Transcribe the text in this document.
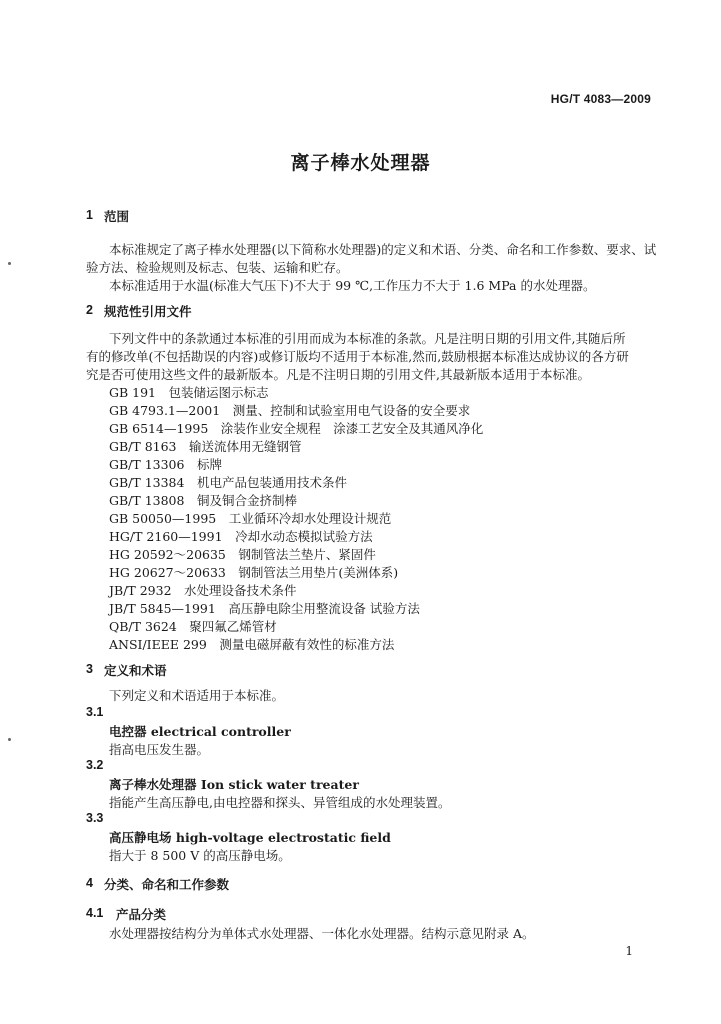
HG/T 4083—2009
离子棒水处理器
1 范围
本标准规定了离子棒水处理器(以下简称水处理器)的定义和术语、分类、命名和工作参数、要求、试
验方法、检验规则及标志、包装、运输和贮存。
本标准适用于水温(标准大气压下)不大于 99 ℃,工作压力不大于 1.6 MPa 的水处理器。
2 规范性引用文件
下列文件中的条款通过本标准的引用而成为本标准的条款。凡是注明日期的引用文件,其随后所
有的修改单(不包括勘误的内容)或修订版均不适用于本标准,然而,鼓励根据本标准达成协议的各方研
究是否可使用这些文件的最新版本。凡是不注明日期的引用文件,其最新版本适用于本标准。
GB 191　 包装储运图示标志
GB 4793.1—2001　 测量、控制和试验室用电气设备的安全要求
GB 6514—1995　 涂装作业安全规程　涂漆工艺安全及其通风净化
GB/T 8163　 输送流体用无缝钢管
GB/T 13306　 标牌
GB/T 13384　 机电产品包装通用技术条件
GB/T 13808　 铜及铜合金挤制棒
GB 50050—1995　 工业循环冷却水处理设计规范
HG/T 2160—1991　 冷却水动态模拟试验方法
HG 20592～20635　 钢制管法兰垫片、紧固件
HG 20627～20633　 钢制管法兰用垫片(美洲体系)
JB/T 2932　 水处理设备技术条件
JB/T 5845—1991　 高压静电除尘用整流设备 试验方法
QB/T 3624　 聚四氟乙烯管材
ANSI/IEEE 299　 测量电磁屏蔽有效性的标准方法
3 定义和术语
下列定义和术语适用于本标准。
3.1
电控器 electrical controller
指高电压发生器。
3.2
离子棒水处理器 Ion stick water treater
指能产生高压静电,由电控器和探头、异管组成的水处理装置。
3.3
高压静电场 high-voltage electrostatic field
指大于 8 500 V 的高压静电场。
4 分类、命名和工作参数
4.1 产品分类
水处理器按结构分为单体式水处理器、一体化水处理器。结构示意见附录 A。
1
